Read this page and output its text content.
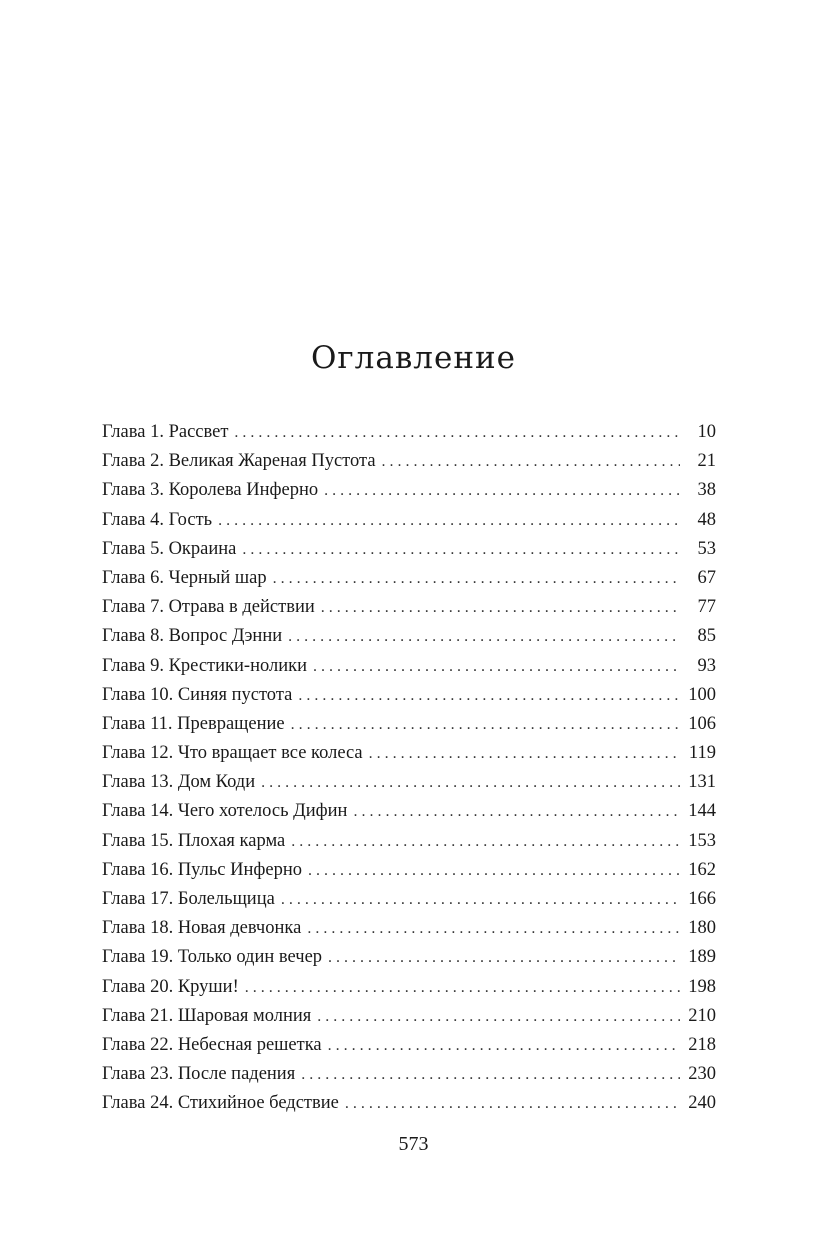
Оглавление
Глава 1. Рассвет . . .	10
Глава 2. Великая Жареная Пустота . . .	21
Глава 3. Королева Инферно . . .	38
Глава 4. Гость . . .	48
Глава 5. Окраина . . .	53
Глава 6. Черный шар . . .	67
Глава 7. Отрава в действии . . .	77
Глава 8. Вопрос Дэнни . . .	85
Глава 9. Крестики-нолики . . .	93
Глава 10. Синяя пустота . . .	100
Глава 11. Превращение . . .	106
Глава 12. Что вращает все колеса . . .	119
Глава 13. Дом Коди . . .	131
Глава 14. Чего хотелось Дифин . . .	144
Глава 15. Плохая карма . . .	153
Глава 16. Пульс Инферно . . .	162
Глава 17. Болельщица . . .	166
Глава 18. Новая девчонка . . .	180
Глава 19. Только один вечер . . .	189
Глава 20. Круши! . . .	198
Глава 21. Шаровая молния . . .	210
Глава 22. Небесная решетка . . .	218
Глава 23. После падения . . .	230
Глава 24. Стихийное бедствие . . .	240
573
